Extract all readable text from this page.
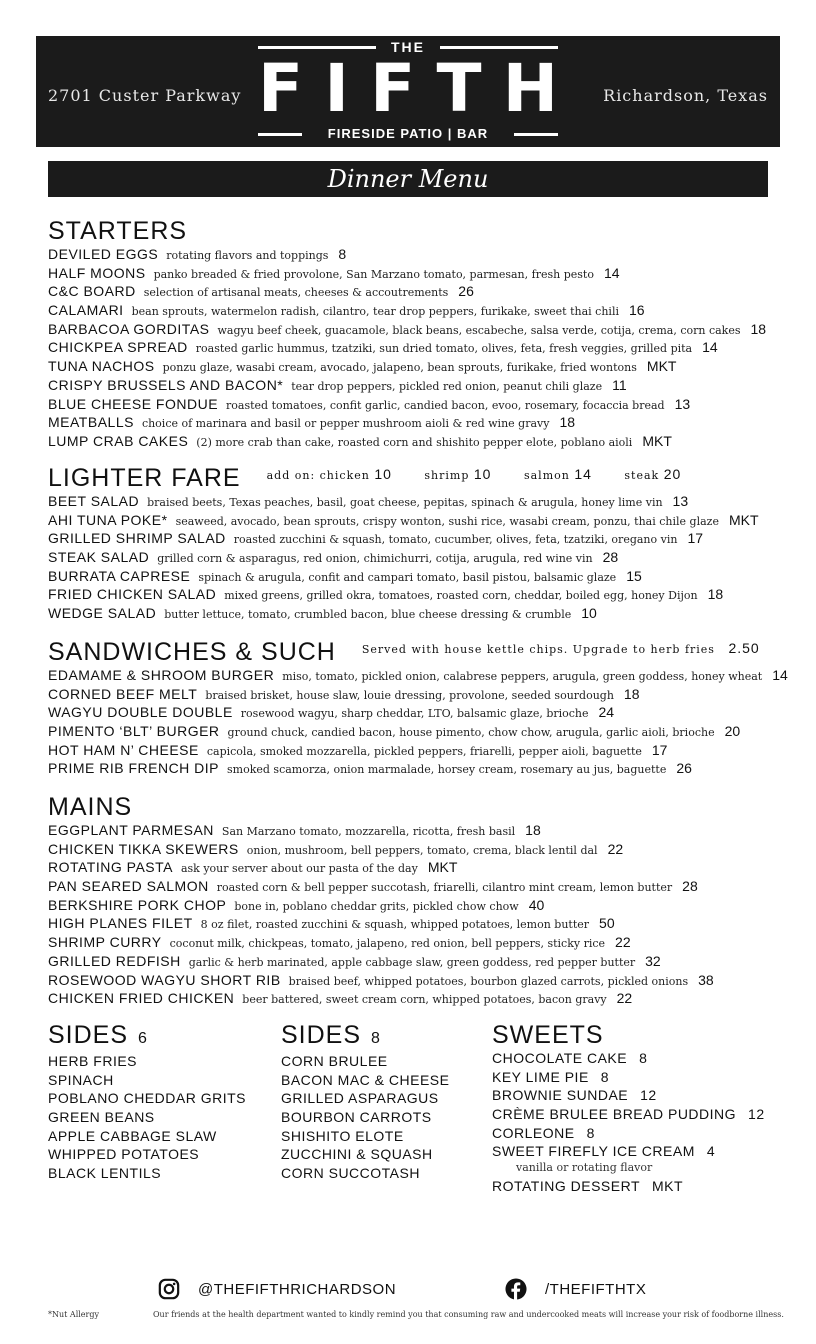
2701 Custer Parkway
THE
F I F T H
FIRESIDE PATIO | BAR
Richardson, Texas
Dinner Menu
STARTERS
DEVILED EGGS rotating flavors and toppings 8
HALF MOONS panko breaded & fried provolone, San Marzano tomato, parmesan, fresh pesto 14
C&C BOARD selection of artisanal meats, cheeses & accoutrements 26
CALAMARI bean sprouts, watermelon radish, cilantro, tear drop peppers, furikake, sweet thai chili 16
BARBACOA GORDITAS wagyu beef cheek, guacamole, black beans, escabeche, salsa verde, cotija, crema, corn cakes 18
CHICKPEA SPREAD roasted garlic hummus, tzatziki, sun dried tomato, olives, feta, fresh veggies, grilled pita 14
TUNA NACHOS ponzu glaze, wasabi cream, avocado, jalapeno, bean sprouts, furikake, fried wontons MKT
CRISPY BRUSSELS AND BACON* tear drop peppers, pickled red onion, peanut chili glaze 11
BLUE CHEESE FONDUE roasted tomatoes, confit garlic, candied bacon, evoo, rosemary, focaccia bread 13
MEATBALLS choice of marinara and basil or pepper mushroom aioli & red wine gravy 18
LUMP CRAB CAKES (2) more crab than cake, roasted corn and shishito pepper elote, poblano aioli MKT
LIGHTER FARE add on: chicken 10	shrimp 10	salmon 14	steak 20
BEET SALAD braised beets, Texas peaches, basil, goat cheese, pepitas, spinach & arugula, honey lime vin 13
AHI TUNA POKE* seaweed, avocado, bean sprouts, crispy wonton, sushi rice, wasabi cream, ponzu, thai chile glaze MKT
GRILLED SHRIMP SALAD roasted zucchini & squash, tomato, cucumber, olives, feta, tzatziki, oregano vin 17
STEAK SALAD grilled corn & asparagus, red onion, chimichurri, cotija, arugula, red wine vin 28
BURRATA CAPRESE spinach & arugula, confit and campari tomato, basil pistou, balsamic glaze 15
FRIED CHICKEN SALAD mixed greens, grilled okra, tomatoes, roasted corn, cheddar, boiled egg, honey Dijon 18
WEDGE SALAD butter lettuce, tomato, crumbled bacon, blue cheese dressing & crumble 10
SANDWICHES & SUCH Served with house kettle chips. Upgrade to herb fries 2.50
EDAMAME & SHROOM BURGER miso, tomato, pickled onion, calabrese peppers, arugula, green goddess, honey wheat 14
CORNED BEEF MELT braised brisket, house slaw, louie dressing, provolone, seeded sourdough 18
WAGYU DOUBLE DOUBLE rosewood wagyu, sharp cheddar, LTO, balsamic glaze, brioche 24
PIMENTO ‘BLT’ BURGER ground chuck, candied bacon, house pimento, chow chow, arugula, garlic aioli, brioche 20
HOT HAM N’ CHEESE capicola, smoked mozzarella, pickled peppers, friarelli, pepper aioli, baguette 17
PRIME RIB FRENCH DIP smoked scamorza, onion marmalade, horsey cream, rosemary au jus, baguette 26
MAINS
EGGPLANT PARMESAN San Marzano tomato, mozzarella, ricotta, fresh basil 18
CHICKEN TIKKA SKEWERS onion, mushroom, bell peppers, tomato, crema, black lentil dal 22
ROTATING PASTA ask your server about our pasta of the day MKT
PAN SEARED SALMON roasted corn & bell pepper succotash, friarelli, cilantro mint cream, lemon butter 28
BERKSHIRE PORK CHOP bone in, poblano cheddar grits, pickled chow chow 40
HIGH PLANES FILET 8 oz filet, roasted zucchini & squash, whipped potatoes, lemon butter 50
SHRIMP CURRY coconut milk, chickpeas, tomato, jalapeno, red onion, bell peppers, sticky rice 22
GRILLED REDFISH garlic & herb marinated, apple cabbage slaw, green goddess, red pepper butter 32
ROSEWOOD WAGYU SHORT RIB braised beef, whipped potatoes, bourbon glazed carrots, pickled onions 38
CHICKEN FRIED CHICKEN beer battered, sweet cream corn, whipped potatoes, bacon gravy 22
SIDES 6
HERB FRIES
SPINACH
POBLANO CHEDDAR GRITS
GREEN BEANS
APPLE CABBAGE SLAW
WHIPPED POTATOES
BLACK LENTILS
SIDES 8
CORN BRULEE
BACON MAC & CHEESE
GRILLED ASPARAGUS
BOURBON CARROTS
SHISHITO ELOTE
ZUCCHINI & SQUASH
CORN SUCCOTASH
SWEETS
CHOCOLATE CAKE 8
KEY LIME PIE 8
BROWNIE SUNDAE 12
CRÈME BRULEE BREAD PUDDING 12
CORLEONE 8
SWEET FIREFLY ICE CREAM 4
vanilla or rotating flavor
ROTATING DESSERT MKT
@THEFIFTHRICHARDSON	/THEFIFTHTX
*Nut Allergy	Our friends at the health department wanted to kindly remind you that consuming raw and undercooked meats will increase your risk of foodborne illness.
